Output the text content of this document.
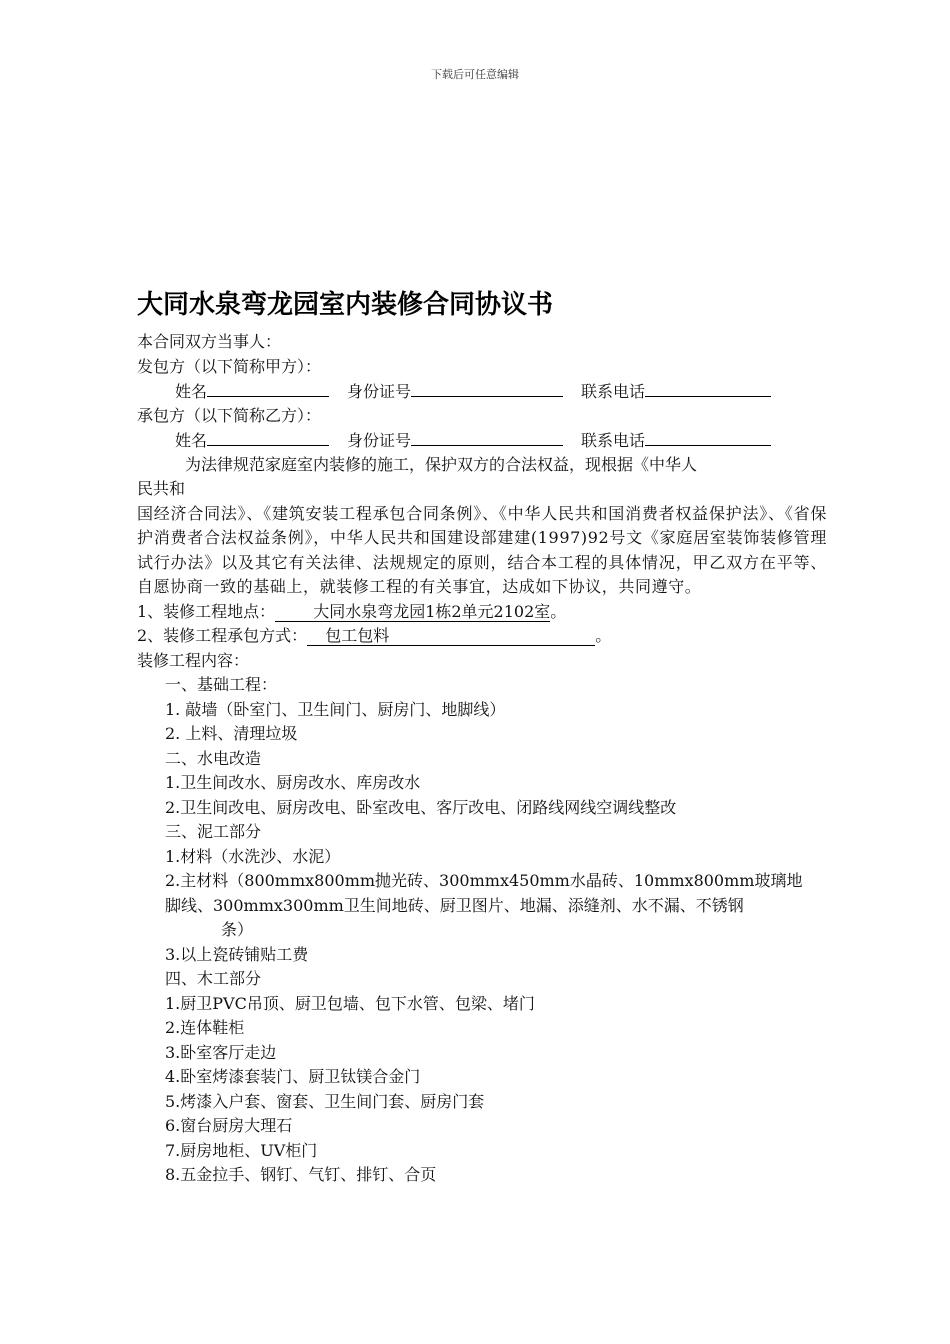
下载后可任意编辑
大同水泉弯龙园室内装修合同协议书
本合同双方当事人：
发包方（以下简称甲方）：
姓名	身份证号	联系电话
承包方（以下简称乙方）：
姓名	身份证号	联系电话
为法律规范家庭室内装修的施工，保护双方的合法权益，现根据《中华人
民共和
国经济合同法》、《建筑安装工程承包合同条例》、《中华人民共和国消费者权益保护法》、《省保护消费者合法权益条例》，中华人民共和国建设部建建(1997)92号文《家庭居室装饰装修管理试行办法》以及其它有关法律、法规规定的原则，结合本工程的具体情况，甲乙双方在平等、自愿协商一致的基础上，就装修工程的有关事宜，达成如下协议，共同遵守。
1、装修工程地点： 大同水泉弯龙园1栋2单元2102室。
2、装修工程承包方式： 包工包料	。
装修工程内容：
一、基础工程：
1. 敲墙（卧室门、卫生间门、厨房门、地脚线）
2. 上料、清理垃圾
二、水电改造
1.卫生间改水、厨房改水、库房改水
2.卫生间改电、厨房改电、卧室改电、客厅改电、闭路线网线空调线整改
三、泥工部分
1.材料（水洗沙、水泥）
2.主材料（800mmx800mm抛光砖、300mmx450mm水晶砖、10mmx800mm玻璃地脚线、300mmx300mm卫生间地砖、厨卫图片、地漏、添缝剂、水不漏、不锈钢
条）
3.以上瓷砖铺贴工费
四、木工部分
1.厨卫PVC吊顶、厨卫包墙、包下水管、包梁、堵门
2.连体鞋柜
3.卧室客厅走边
4.卧室烤漆套装门、厨卫钛镁合金门
5.烤漆入户套、窗套、卫生间门套、厨房门套
6.窗台厨房大理石
7.厨房地柜、UV柜门
8.五金拉手、钢钉、气钉、排钉、合页
